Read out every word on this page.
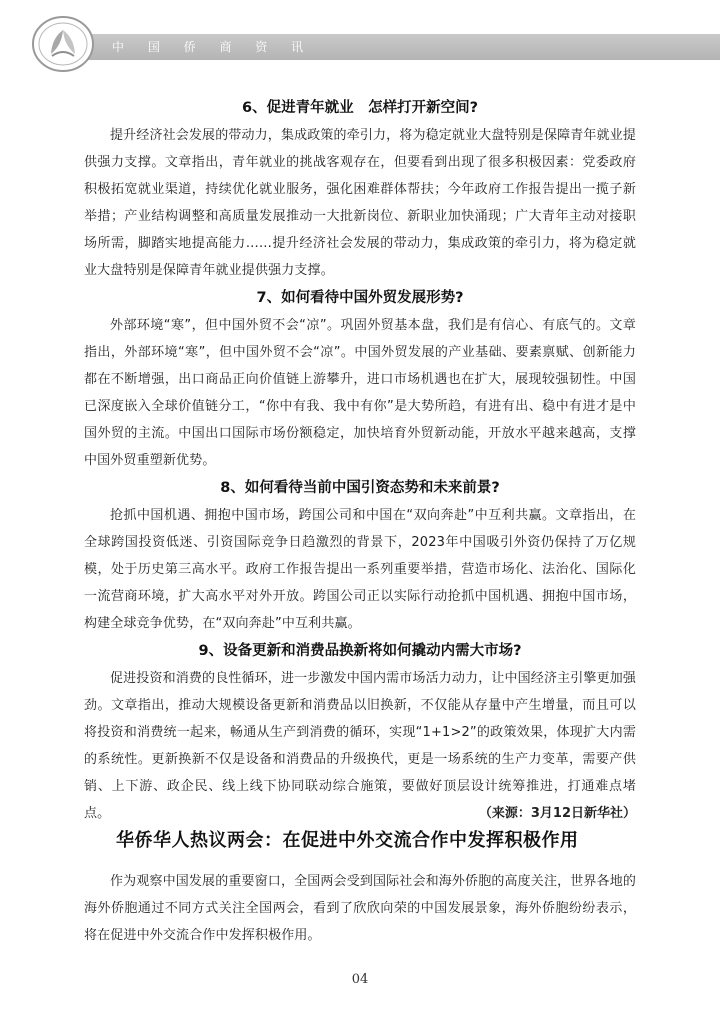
中 国 侨 商 资 讯
6、促进青年就业　怎样打开新空间?

提升经济社会发展的带动力，集成政策的牵引力，将为稳定就业大盘特别是保障青年就业提供强力支撑。文章指出，青年就业的挑战客观存在，但要看到出现了很多积极因素：党委政府积极拓宽就业渠道，持续优化就业服务，强化困难群体帮扶；今年政府工作报告提出一揽子新举措；产业结构调整和高质量发展推动一大批新岗位、新职业加快涌现；广大青年主动对接职场所需，脚踏实地提高能力……提升经济社会发展的带动力，集成政策的牵引力，将为稳定就业大盘特别是保障青年就业提供强力支撑。

7、如何看待中国外贸发展形势?

外部环境“寒”，但中国外贸不会“凉”。巩固外贸基本盘，我们是有信心、有底气的。文章指出，外部环境“寒”，但中国外贸不会“凉”。中国外贸发展的产业基础、要素禀赋、创新能力都在不断增强，出口商品正向价值链上游攀升，进口市场机遇也在扩大，展现较强韧性。中国已深度嵌入全球价值链分工，“你中有我、我中有你”是大势所趋，有进有出、稳中有进才是中国外贸的主流。中国出口国际市场份额稳定，加快培育外贸新动能，开放水平越来越高，支撑中国外贸重塑新优势。

8、如何看待当前中国引资态势和未来前景?

抢抓中国机遇、拥抱中国市场，跨国公司和中国在“双向奔赴”中互利共赢。文章指出，在全球跨国投资低迷、引资国际竞争日趋激烈的背景下，2023年中国吸引外资仍保持了万亿规模，处于历史第三高水平。政府工作报告提出一系列重要举措，营造市场化、法治化、国际化一流营商环境，扩大高水平对外开放。跨国公司正以实际行动抢抓中国机遇、拥抱中国市场，构建全球竞争优势，在“双向奔赴”中互利共赢。

9、设备更新和消费品换新将如何撬动内需大市场?

促进投资和消费的良性循环，进一步激发中国内需市场活力动力，让中国经济主引擎更加强劲。文章指出，推动大规模设备更新和消费品以旧换新，不仅能从存量中产生增量，而且可以将投资和消费统一起来，畅通从生产到消费的循环，实现“1+1>2”的政策效果，体现扩大内需的系统性。更新换新不仅是设备和消费品的升级换代，更是一场系统的生产力变革，需要产供销、上下游、政企民、线上线下协同联动综合施策，要做好顶层设计统筹推进，打通难点堵点。	（来源：3月12日新华社）
华侨华人热议两会：在促进中外交流合作中发挥积极作用

作为观察中国发展的重要窗口，全国两会受到国际社会和海外侨胞的高度关注，世界各地的海外侨胞通过不同方式关注全国两会，看到了欣欣向荣的中国发展景象，海外侨胞纷纷表示，将在促进中外交流合作中发挥积极作用。

04
